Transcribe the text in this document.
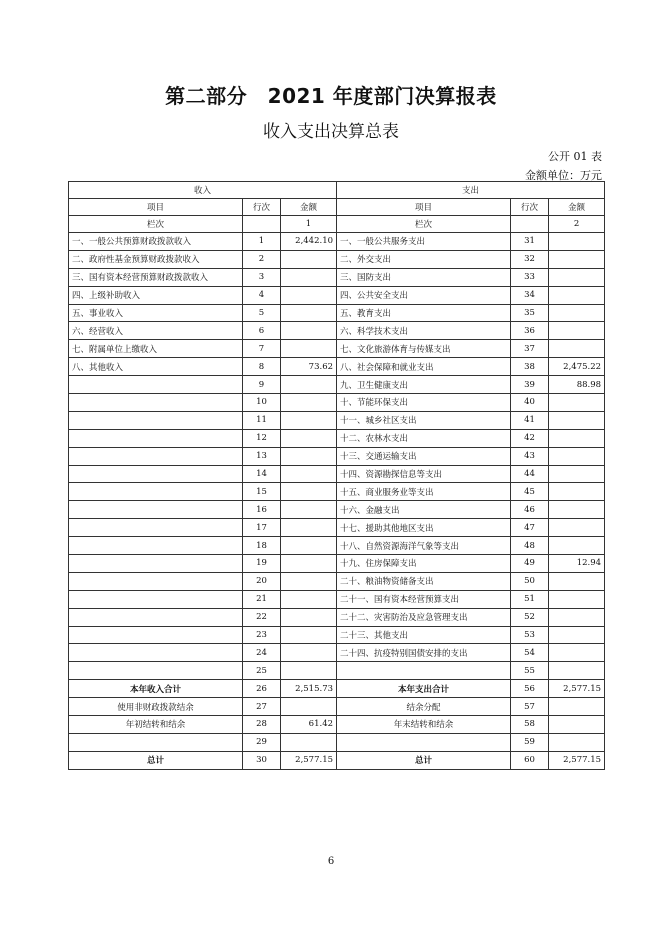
第二部分　2021 年度部门决算报表
收入支出决算总表
公开 01 表
金额单位：万元
收入			支出		
项目	行次	金额	项目	行次	金额
栏次		1	栏次		2
一、一般公共预算财政拨款收入	1	2,442.10	一、一般公共服务支出	31	
二、政府性基金预算财政拨款收入	2		二、外交支出	32	
三、国有资本经营预算财政拨款收入	3		三、国防支出	33	
四、上级补助收入	4		四、公共安全支出	34	
五、事业收入	5		五、教育支出	35	
六、经营收入	6		六、科学技术支出	36	
七、附属单位上缴收入	7		七、文化旅游体育与传媒支出	37	
八、其他收入	8	73.62	八、社会保障和就业支出	38	2,475.22
	9		九、卫生健康支出	39	88.98
	10		十、节能环保支出	40	
	11		十一、城乡社区支出	41	
	12		十二、农林水支出	42	
	13		十三、交通运输支出	43	
	14		十四、资源勘探信息等支出	44	
	15		十五、商业服务业等支出	45	
	16		十六、金融支出	46	
	17		十七、援助其他地区支出	47	
	18		十八、自然资源海洋气象等支出	48	
	19		十九、住房保障支出	49	12.94
	20		二十、粮油物资储备支出	50	
	21		二十一、国有资本经营预算支出	51	
	22		二十二、灾害防治及应急管理支出	52	
	23		二十三、其他支出	53	
	24		二十四、抗疫特别国债安排的支出	54	
	25			55	
本年收入合计	26	2,515.73	本年支出合计	56	2,577.15
使用非财政拨款结余	27		结余分配	57	
年初结转和结余	28	61.42	年末结转和结余	58	
	29			59	
总计	30	2,577.15	总计	60	2,577.15
6
